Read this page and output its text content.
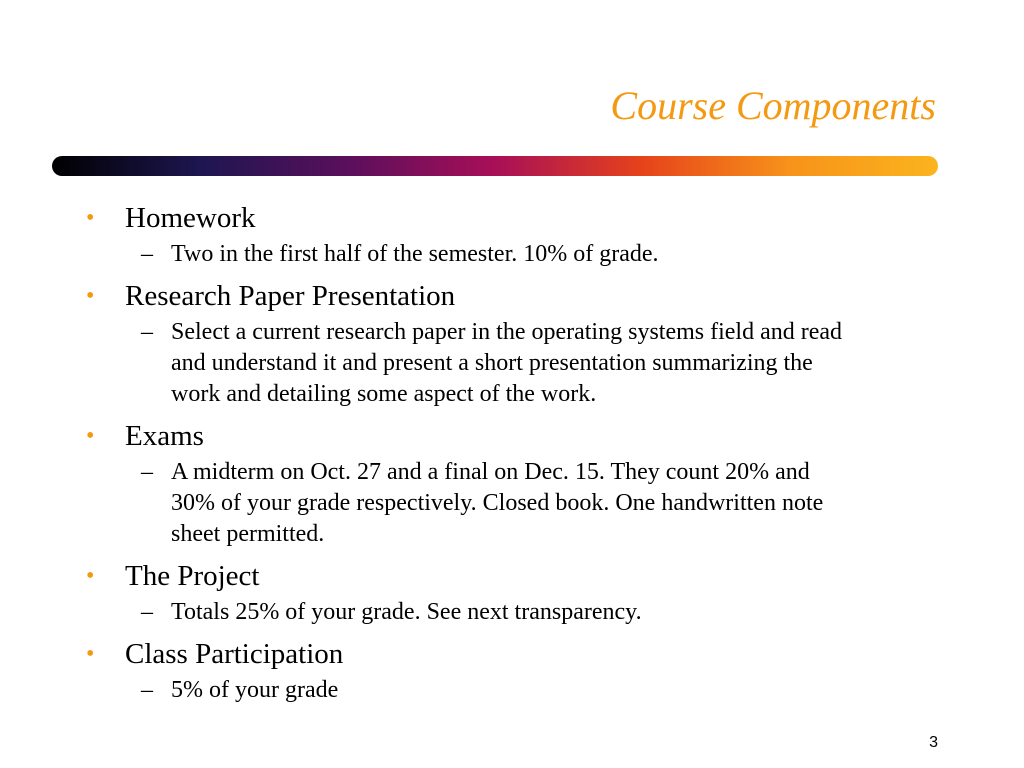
Course Components
• Homework
– Two in the first half of the semester. 10% of grade.
• Research Paper Presentation
– Select a current research paper in the operating systems field and read and understand it and present a short presentation summarizing the work and detailing some aspect of the work.
• Exams
– A midterm on Oct. 27 and a final on Dec. 15. They count 20% and 30% of your grade respectively. Closed book. One handwritten note sheet permitted.
• The Project
– Totals 25% of your grade. See next transparency.
• Class Participation
– 5% of your grade
3
